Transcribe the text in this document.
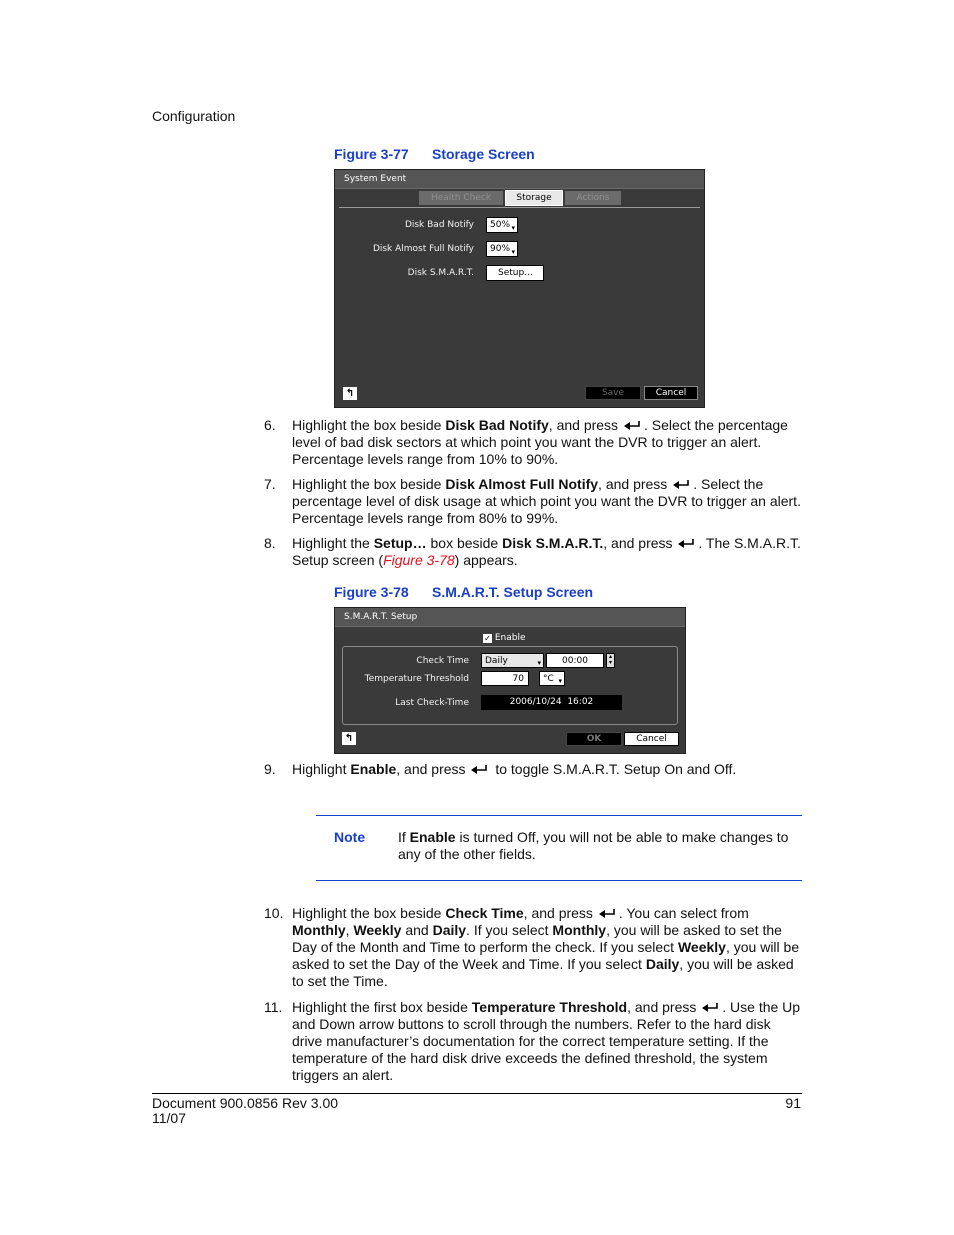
Configuration
Figure 3-77 Storage Screen
System Event
Health Check	Storage	Actions
Disk Bad Notify	50% ▾
Disk Almost Full Notify	90% ▾
Disk S.M.A.R.T.	Setup...
↰	Save	Cancel
6. Highlight the box beside Disk Bad Notify, and press
. Select the percentage level of bad disk sectors at which point you want the DVR to trigger an alert. Percentage levels range from 10% to 90%.
7. Highlight the box beside Disk Almost Full Notify, and press
. Select the percentage level of disk usage at which point you want the DVR to trigger an alert. Percentage levels range from 80% to 99%.
8. Highlight the Setup… box beside Disk S.M.A.R.T., and press
. The S.M.A.R.T. Setup screen (Figure 3-78) appears.
Figure 3-78 S.M.A.R.T. Setup Screen
S.M.A.R.T. Setup
✓ Enable
Check Time	Daily	▾	00:00	▴
▾
Temperature Threshold	70	°C ▾
Last Check-Time	2006/10/24  16:02
↰	OK	Cancel
9. Highlight Enable, and press
to toggle S.M.A.R.T. Setup On and Off.
Note If Enable is turned Off, you will not be able to make changes to any of the other fields.
10. Highlight the box beside Check Time, and press
. You can select from Monthly, Weekly and Daily. If you select Monthly, you will be asked to set the Day of the Month and Time to perform the check. If you select Weekly, you will be asked to set the Day of the Week and Time. If you select Daily, you will be asked to set the Time.
11. Highlight the first box beside Temperature Threshold, and press
. Use the Up and Down arrow buttons to scroll through the numbers. Refer to the hard disk drive manufacturer’s documentation for the correct temperature setting. If the temperature of the hard disk drive exceeds the defined threshold, the system triggers an alert.
Document 900.0856 Rev 3.00
11/07
91
